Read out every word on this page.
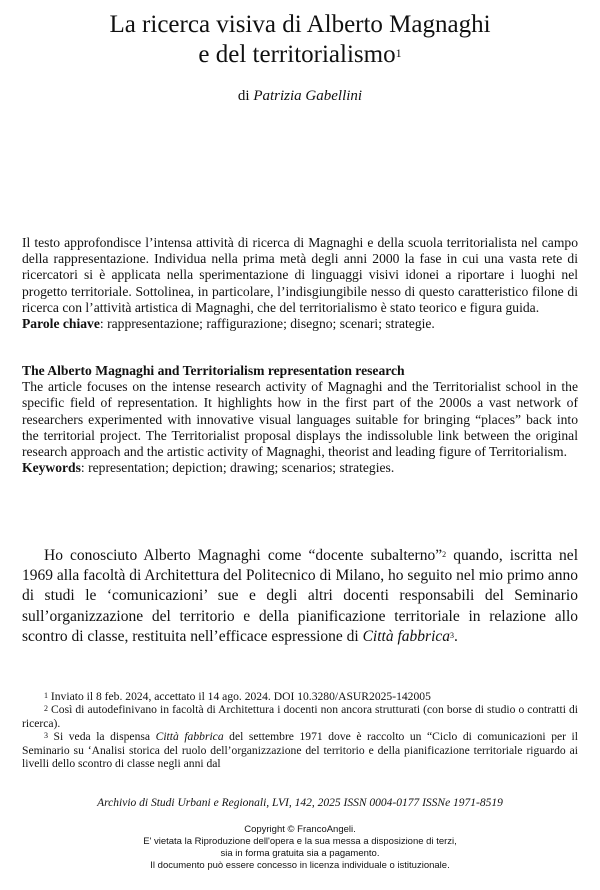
La ricerca visiva di Alberto Magnaghi
e del territorialismo$^1$
di Patrizia Gabellini
Il testo approfondisce l’intensa attività di ricerca di Magnaghi e della scuola territorialista nel campo della rappresentazione. Individua nella prima metà degli anni 2000 la fase in cui una vasta rete di ricercatori si è applicata nella sperimentazione di linguaggi visivi idonei a riportare i luoghi nel progetto territoriale. Sottolinea, in particolare, l’indisgiungibile nesso di questo caratteristico filone di ricerca con l’attività artistica di Magnaghi, che del territorialismo è stato teorico e figura guida.
Parole chiave: rappresentazione; raffigurazione; disegno; scenari; strategie.
The Alberto Magnaghi and Territorialism representation research
The article focuses on the intense research activity of Magnaghi and the Territorialist school in the specific field of representation. It highlights how in the first part of the 2000s a vast network of researchers experimented with innovative visual languages suitable for bringing “places” back into the territorial project. The Territorialist proposal displays the indissoluble link between the original research approach and the artistic activity of Magnaghi, theorist and leading figure of Territorialism.
Keywords: representation; depiction; drawing; scenarios; strategies.
Ho conosciuto Alberto Magnaghi come “docente subalterno”$^2$ quando, iscritta nel 1969 alla facoltà di Architettura del Politecnico di Milano, ho seguito nel mio primo anno di studi le ‘comunicazioni’ sue e degli altri docenti responsabili del Seminario sull’organizzazione del territorio e della pianificazione territoriale in relazione allo scontro di classe, restituita nell’efficace espressione di Città fabbrica$^3$.

$^1$ Inviato il 8 feb. 2024, accettato il 14 ago. 2024. DOI 10.3280/ASUR2025-142005

$^2$ Così di autodefinivano in facoltà di Architettura i docenti non ancora strutturati (con borse di studio o contratti di ricerca).

$^3$ Si veda la dispensa Città fabbrica del settembre 1971 dove è raccolto un “Ciclo di comunicazioni per il Seminario su ‘Analisi storica del ruolo dell’organizzazione del territorio e della pianificazione territoriale riguardo ai livelli dello scontro di classe negli anni dal

Archivio di Studi Urbani e Regionali, LVI, 142, 2025 ISSN 0004-0177 ISSNe 1971-8519
Copyright © FrancoAngeli.
E' vietata la Riproduzione dell'opera e la sua messa a disposizione di terzi,
sia in forma gratuita sia a pagamento.
Il documento può essere concesso in licenza individuale o istituzionale.
